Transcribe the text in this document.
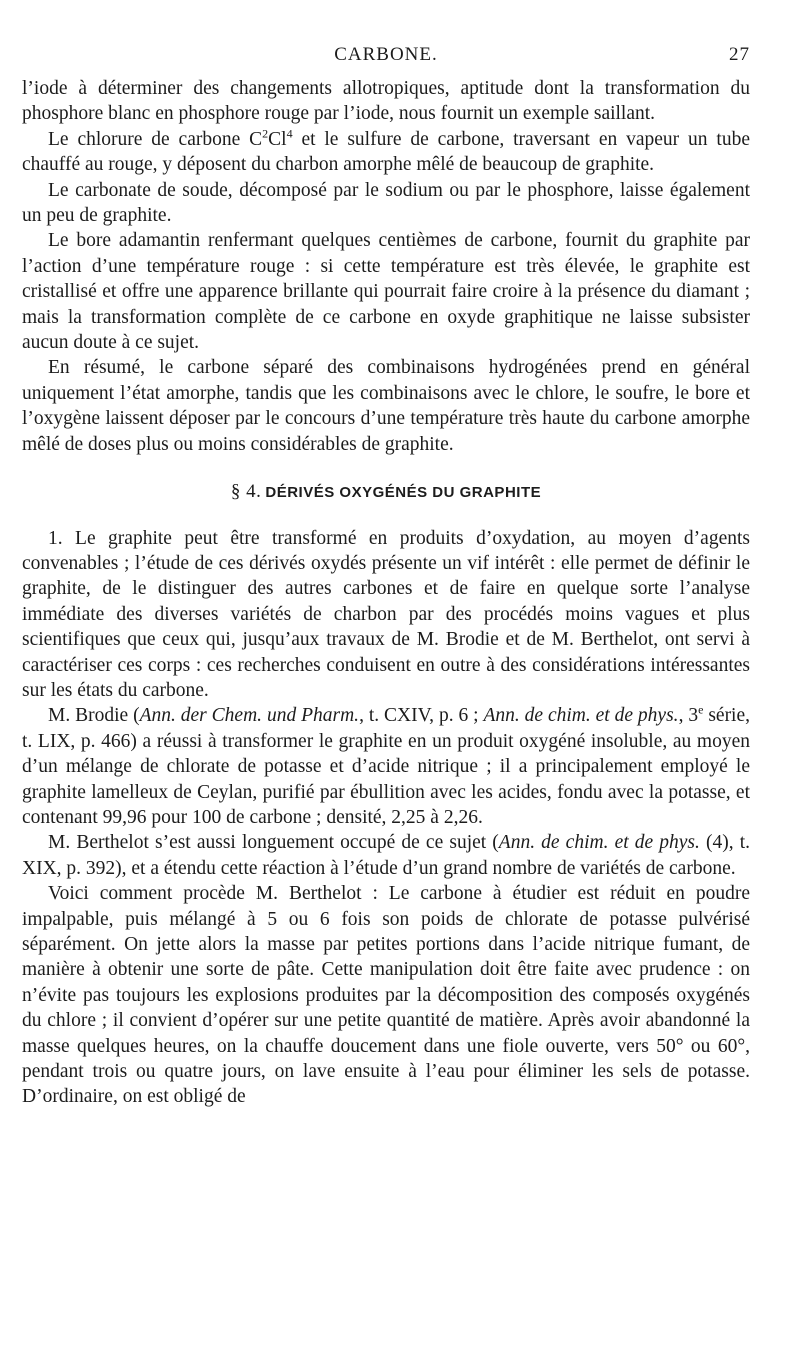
CARBONE.	27

l’iode à déterminer des changements allotropiques, aptitude dont la transformation du phosphore blanc en phosphore rouge par l’iode, nous fournit un exemple saillant.

Le chlorure de carbone $C^2Cl^4$ et le sulfure de carbone, traversant en vapeur un tube chauffé au rouge, y déposent du charbon amorphe mêlé de beaucoup de graphite.

Le carbonate de soude, décomposé par le sodium ou par le phosphore, laisse également un peu de graphite.

Le bore adamantin renfermant quelques centièmes de carbone, fournit du graphite par l’action d’une température rouge : si cette température est très élevée, le graphite est cristallisé et offre une apparence brillante qui pourrait faire croire à la présence du diamant ; mais la transformation complète de ce carbone en oxyde graphitique ne laisse subsister aucun doute à ce sujet.

En résumé, le carbone séparé des combinaisons hydrogénées prend en général uniquement l’état amorphe, tandis que les combinaisons avec le chlore, le soufre, le bore et l’oxygène laissent déposer par le concours d’une température très haute du carbone amorphe mêlé de doses plus ou moins considérables de graphite.

§ 4. DÉRIVÉS OXYGÉNÉS DU GRAPHITE

1. Le graphite peut être transformé en produits d’oxydation, au moyen d’agents convenables ; l’étude de ces dérivés oxydés présente un vif intérêt : elle permet de définir le graphite, de le distinguer des autres carbones et de faire en quelque sorte l’analyse immédiate des diverses variétés de charbon par des procédés moins vagues et plus scientifiques que ceux qui, jusqu’aux travaux de M. Brodie et de M. Berthelot, ont servi à caractériser ces corps : ces recherches conduisent en outre à des considérations intéressantes sur les états du carbone.

M. Brodie (Ann. der Chem. und Pharm., t. CXIV, p. 6 ; Ann. de chim. et de phys., 3e série, t. LIX, p. 466) a réussi à transformer le graphite en un produit oxygéné insoluble, au moyen d’un mélange de chlorate de potasse et d’acide nitrique ; il a principalement employé le graphite lamelleux de Ceylan, purifié par ébullition avec les acides, fondu avec la potasse, et contenant 99,96 pour 100 de carbone ; densité, 2,25 à 2,26.

M. Berthelot s’est aussi longuement occupé de ce sujet (Ann. de chim. et de phys. (4), t. XIX, p. 392), et a étendu cette réaction à l’étude d’un grand nombre de variétés de carbone.

Voici comment procède M. Berthelot : Le carbone à étudier est réduit en poudre impalpable, puis mélangé à 5 ou 6 fois son poids de chlorate de potasse pulvérisé séparément. On jette alors la masse par petites portions dans l’acide nitrique fumant, de manière à obtenir une sorte de pâte. Cette manipulation doit être faite avec prudence : on n’évite pas toujours les explosions produites par la décomposition des composés oxygénés du chlore ; il convient d’opérer sur une petite quantité de matière. Après avoir abandonné la masse quelques heures, on la chauffe doucement dans une fiole ouverte, vers 50° ou 60°, pendant trois ou quatre jours, on lave ensuite à l’eau pour éliminer les sels de potasse. D’ordinaire, on est obligé de
